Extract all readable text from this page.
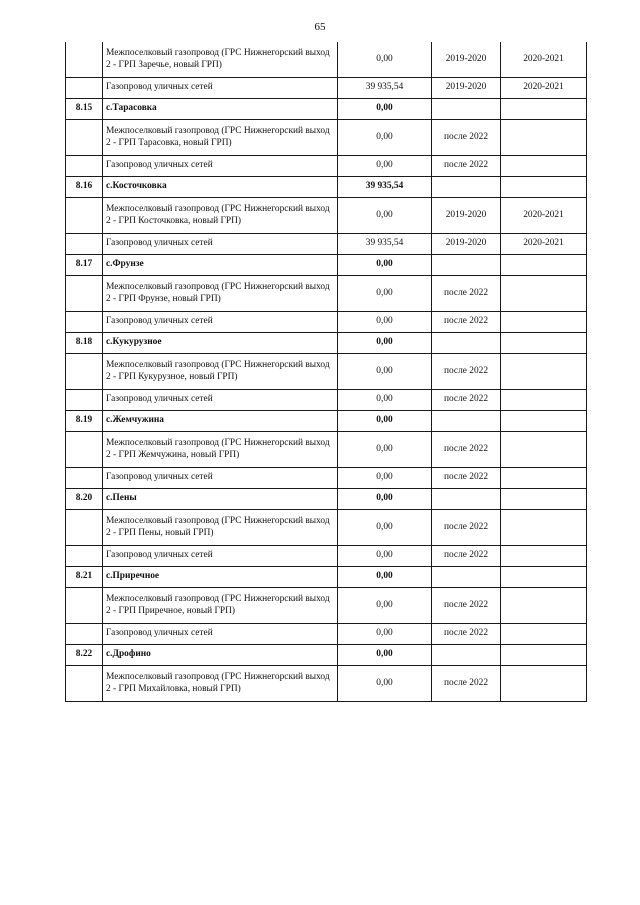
65
	Межпоселковый газопровод (ГРС Нижнегорский выход 2 - ГРП Заречье, новый ГРП)	0,00	2019-2020	2020-2021
	Газопровод уличных сетей	39 935,54	2019-2020	2020-2021
8.15	с.Тарасовка	0,00		
	Межпоселковый газопровод (ГРС Нижнегорский выход 2 - ГРП Тарасовка, новый ГРП)	0,00	после 2022	
	Газопровод уличных сетей	0,00	после 2022	
8.16	с.Косточковка	39 935,54		
	Межпоселковый газопровод (ГРС Нижнегорский выход 2 - ГРП Косточковка, новый ГРП)	0,00	2019-2020	2020-2021
	Газопровод уличных сетей	39 935,54	2019-2020	2020-2021
8.17	с.Фрунзе	0,00		
	Межпоселковый газопровод (ГРС Нижнегорский выход 2 - ГРП Фрунзе, новый ГРП)	0,00	после 2022	
	Газопровод уличных сетей	0,00	после 2022	
8.18	с.Кукурузное	0,00		
	Межпоселковый газопровод (ГРС Нижнегорский выход 2 - ГРП Кукурузное, новый ГРП)	0,00	после 2022	
	Газопровод уличных сетей	0,00	после 2022	
8.19	с.Жемчужина	0,00		
	Межпоселковый газопровод (ГРС Нижнегорский выход 2 - ГРП Жемчужина, новый ГРП)	0,00	после 2022	
	Газопровод уличных сетей	0,00	после 2022	
8.20	с.Пены	0,00		
	Межпоселковый газопровод (ГРС Нижнегорский выход 2 - ГРП Пены, новый ГРП)	0,00	после 2022	
	Газопровод уличных сетей	0,00	после 2022	
8.21	с.Приречное	0,00		
	Межпоселковый газопровод (ГРС Нижнегорский выход 2 - ГРП Приречное, новый ГРП)	0,00	после 2022	
	Газопровод уличных сетей	0,00	после 2022	
8.22	с.Дрофино	0,00		
	Межпоселковый газопровод (ГРС Нижнегорский выход 2 - ГРП Михайловка, новый ГРП)	0,00	после 2022	
